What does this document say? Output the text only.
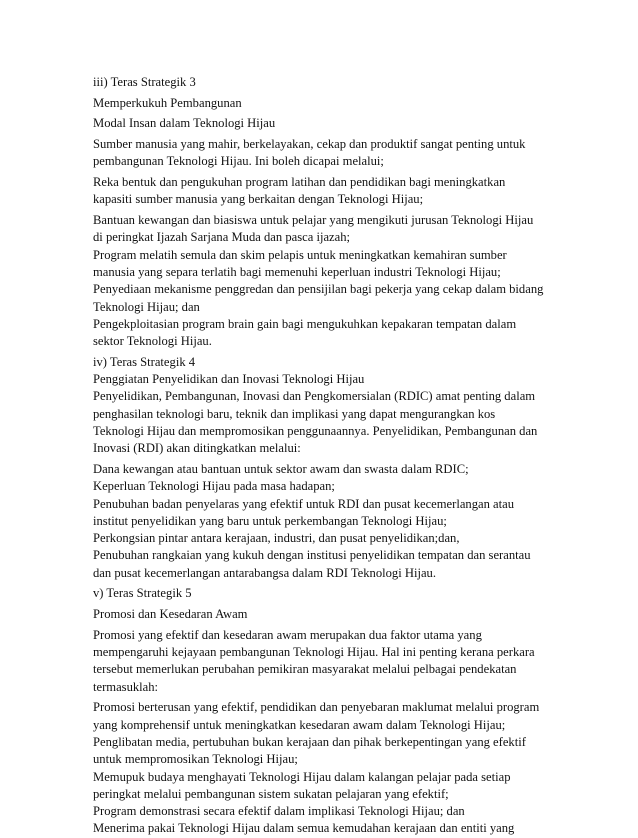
iii) Teras Strategik 3

Memperkukuh Pembangunan

Modal Insan dalam Teknologi Hijau

Sumber manusia yang mahir, berkelayakan, cekap dan produktif sangat penting untuk
pembangunan Teknologi Hijau. Ini boleh dicapai melalui;

Reka bentuk dan pengukuhan program latihan dan pendidikan bagi meningkatkan
kapasiti sumber manusia yang berkaitan dengan Teknologi Hijau;

Bantuan kewangan dan biasiswa untuk pelajar yang mengikuti jurusan Teknologi Hijau
di peringkat Ijazah Sarjana Muda dan pasca ijazah;
Program melatih semula dan skim pelapis untuk meningkatkan kemahiran sumber
manusia yang separa terlatih bagi memenuhi keperluan industri Teknologi Hijau;
Penyediaan mekanisme penggredan dan pensijilan bagi pekerja yang cekap dalam bidang
Teknologi Hijau; dan
Pengekploitasian program brain gain bagi mengukuhkan kepakaran tempatan dalam
sektor Teknologi Hijau.

iv) Teras Strategik 4
Penggiatan Penyelidikan dan Inovasi Teknologi Hijau
Penyelidikan, Pembangunan, Inovasi dan Pengkomersialan (RDIC) amat penting dalam
penghasilan teknologi baru, teknik dan implikasi yang dapat mengurangkan kos
Teknologi Hijau dan mempromosikan penggunaannya. Penyelidikan, Pembangunan dan
Inovasi (RDI) akan ditingkatkan melalui:

Dana kewangan atau bantuan untuk sektor awam dan swasta dalam RDIC;
Keperluan Teknologi Hijau pada masa hadapan;
Penubuhan badan penyelaras yang efektif untuk RDI dan pusat kecemerlangan atau
institut penyelidikan yang baru untuk perkembangan Teknologi Hijau;
Perkongsian pintar antara kerajaan, industri, dan pusat penyelidikan;dan,
Penubuhan rangkaian yang kukuh dengan institusi penyelidikan tempatan dan serantau
dan pusat kecemerlangan antarabangsa dalam RDI Teknologi Hijau.

v) Teras Strategik 5

Promosi dan Kesedaran Awam

Promosi yang efektif dan kesedaran awam merupakan dua faktor utama yang
mempengaruhi kejayaan pembangunan Teknologi Hijau. Hal ini penting kerana perkara
tersebut memerlukan perubahan pemikiran masyarakat melalui pelbagai pendekatan
termasuklah:

Promosi berterusan yang efektif, pendidikan dan penyebaran maklumat melalui program
yang komprehensif untuk meningkatkan kesedaran awam dalam Teknologi Hijau;
Penglibatan media, pertubuhan bukan kerajaan dan pihak berkepentingan yang efektif
untuk mempromosikan Teknologi Hijau;
Memupuk budaya menghayati Teknologi Hijau dalam kalangan pelajar pada setiap
peringkat melalui pembangunan sistem sukatan pelajaran yang efektif;
Program demonstrasi secara efektif dalam implikasi Teknologi Hijau; dan
Menerima pakai Teknologi Hijau dalam semua kemudahan kerajaan dan entiti yang
